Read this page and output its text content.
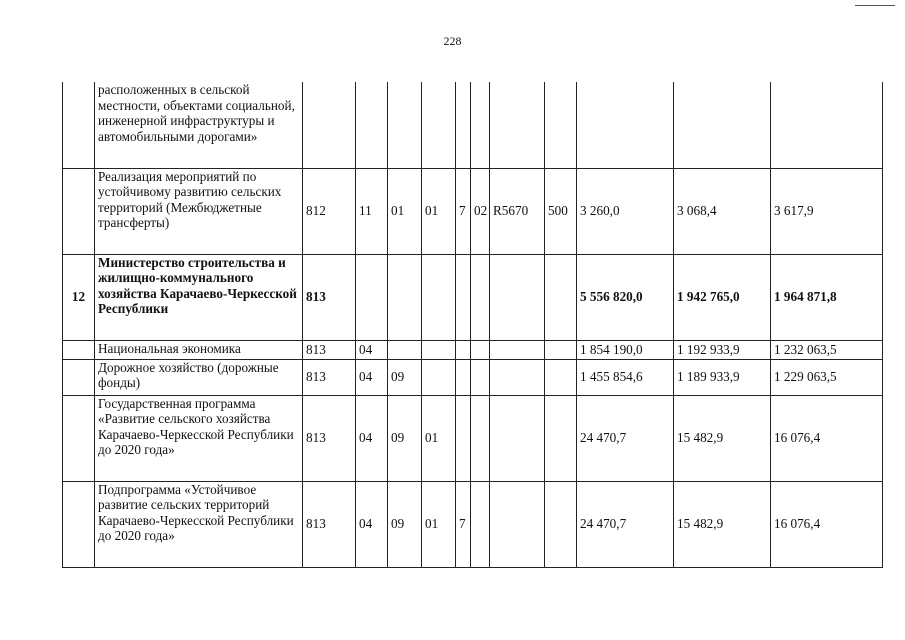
228
	расположенных в сельской местности, объектами социальной, инженерной инфраструктуры и автомобильными дорогами»											
	Реализация мероприятий по устойчивому развитию сельских территорий (Межбюджетные трансферты)	812	11	01	01	7	02	R5670	500	3 260,0	3 068,4	3 617,9
12	Министерство строительства и жилищно-коммунального хозяйства Карачаево-Черкесской Республики	813								5 556 820,0	1 942 765,0	1 964 871,8
	Национальная экономика	813	04							1 854 190,0	1 192 933,9	1 232 063,5
	Дорожное хозяйство (дорожные фонды)	813	04	09						1 455 854,6	1 189 933,9	1 229 063,5
	Государственная программа «Развитие сельского хозяйства Карачаево-Черкесской Республики до 2020 года»	813	04	09	01					24 470,7	15 482,9	16 076,4
	Подпрограмма «Устойчивое развитие сельских территорий Карачаево-Черкесской Республики до 2020 года»	813	04	09	01	7				24 470,7	15 482,9	16 076,4
